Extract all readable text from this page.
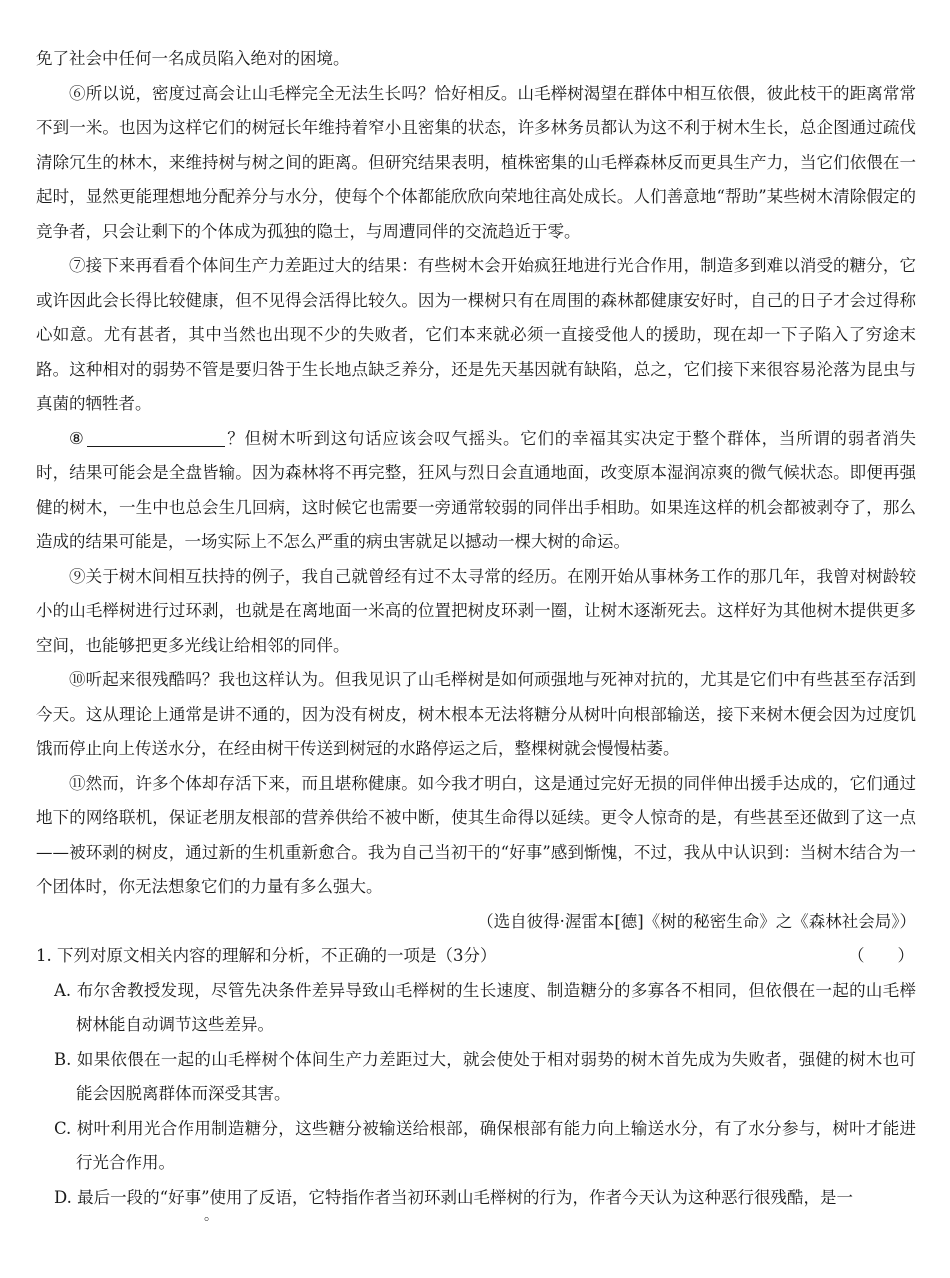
免了社会中任何一名成员陷入绝对的困境。

⑥所以说，密度过高会让山毛榉完全无法生长吗？恰好相反。山毛榉树渴望在群体中相互依偎，彼此枝干的距离常常不到一米。也因为这样它们的树冠长年维持着窄小且密集的状态，许多林务员都认为这不利于树木生长，总企图通过疏伐清除冗生的林木，来维持树与树之间的距离。但研究结果表明，植株密集的山毛榉森林反而更具生产力，当它们依偎在一起时，显然更能理想地分配养分与水分，使每个个体都能欣欣向荣地往高处成长。人们善意地“帮助”某些树木清除假定的竞争者，只会让剩下的个体成为孤独的隐士，与周遭同伴的交流趋近于零。

⑦接下来再看看个体间生产力差距过大的结果：有些树木会开始疯狂地进行光合作用，制造多到难以消受的糖分，它或许因此会长得比较健康，但不见得会活得比较久。因为一棵树只有在周围的森林都健康安好时，自己的日子才会过得称心如意。尤有甚者，其中当然也出现不少的失败者，它们本来就必须一直接受他人的援助，现在却一下子陷入了穷途末路。这种相对的弱势不管是要归咎于生长地点缺乏养分，还是先天基因就有缺陷，总之，它们接下来很容易沦落为昆虫与真菌的牺牲者。

⑧	？但树木听到这句话应该会叹气摇头。它们的幸福其实决定于整个群体，当所谓的弱者消失时，结果可能会是全盘皆输。因为森林将不再完整，狂风与烈日会直通地面，改变原本湿润凉爽的微气候状态。即便再强健的树木，一生中也总会生几回病，这时候它也需要一旁通常较弱的同伴出手相助。如果连这样的机会都被剥夺了，那么造成的结果可能是，一场实际上不怎么严重的病虫害就足以撼动一棵大树的命运。

⑨关于树木间相互扶持的例子，我自己就曾经有过不太寻常的经历。在刚开始从事林务工作的那几年，我曾对树龄较小的山毛榉树进行过环剥，也就是在离地面一米高的位置把树皮环剥一圈，让树木逐渐死去。这样好为其他树木提供更多空间，也能够把更多光线让给相邻的同伴。

⑩听起来很残酷吗？我也这样认为。但我见识了山毛榉树是如何顽强地与死神对抗的，尤其是它们中有些甚至存活到今天。这从理论上通常是讲不通的，因为没有树皮，树木根本无法将糖分从树叶向根部输送，接下来树木便会因为过度饥饿而停止向上传送水分，在经由树干传送到树冠的水路停运之后，整棵树就会慢慢枯萎。

⑪然而，许多个体却存活下来，而且堪称健康。如今我才明白，这是通过完好无损的同伴伸出援手达成的，它们通过地下的网络联机，保证老朋友根部的营养供给不被中断，使其生命得以延续。更令人惊奇的是，有些甚至还做到了这一点——被环剥的树皮，通过新的生机重新愈合。我为自己当初干的“好事”感到惭愧，不过，我从中认识到：当树木结合为一个团体时，你无法想象它们的力量有多么强大。

（选自彼得·渥雷本[德]《树的秘密生命》之《森林社会局》）

1. 下列对原文相关内容的理解和分析，不正确的一项是（3分）	（　　）

A. 布尔舍教授发现，尽管先决条件差异导致山毛榉树的生长速度、制造糖分的多寡各不相同，但依偎在一起的山毛榉树林能自动调节这些差异。

B. 如果依偎在一起的山毛榉树个体间生产力差距过大，就会使处于相对弱势的树木首先成为失败者，强健的树木也可能会因脱离群体而深受其害。

C. 树叶利用光合作用制造糖分，这些糖分被输送给根部，确保根部有能力向上输送水分，有了水分参与，树叶才能进行光合作用。

D. 最后一段的“好事”使用了反语，它特指作者当初环剥山毛榉树的行为，作者今天认为这种恶行很残酷，是一

。
